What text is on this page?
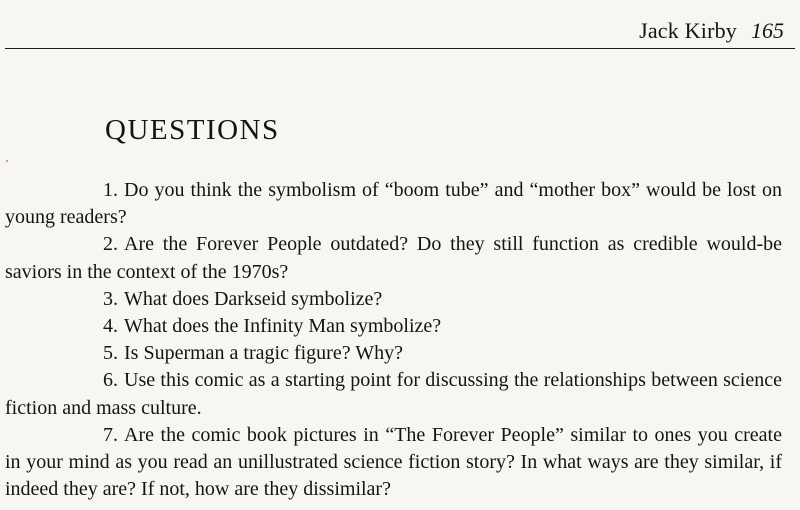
Jack Kirby 165
QUESTIONS
1. Do you think the symbolism of “boom tube” and “mother box” would be lost on young readers?
2. Are the Forever People outdated? Do they still function as credible would-be saviors in the context of the 1970s?
3. What does Darkseid symbolize?
4. What does the Infinity Man symbolize?
5. Is Superman a tragic figure? Why?
6. Use this comic as a starting point for discussing the relationships between science fiction and mass culture.
7. Are the comic book pictures in “The Forever People” similar to ones you create in your mind as you read an unillustrated science fiction story? In what ways are they similar, if indeed they are? If not, how are they dissimilar?
